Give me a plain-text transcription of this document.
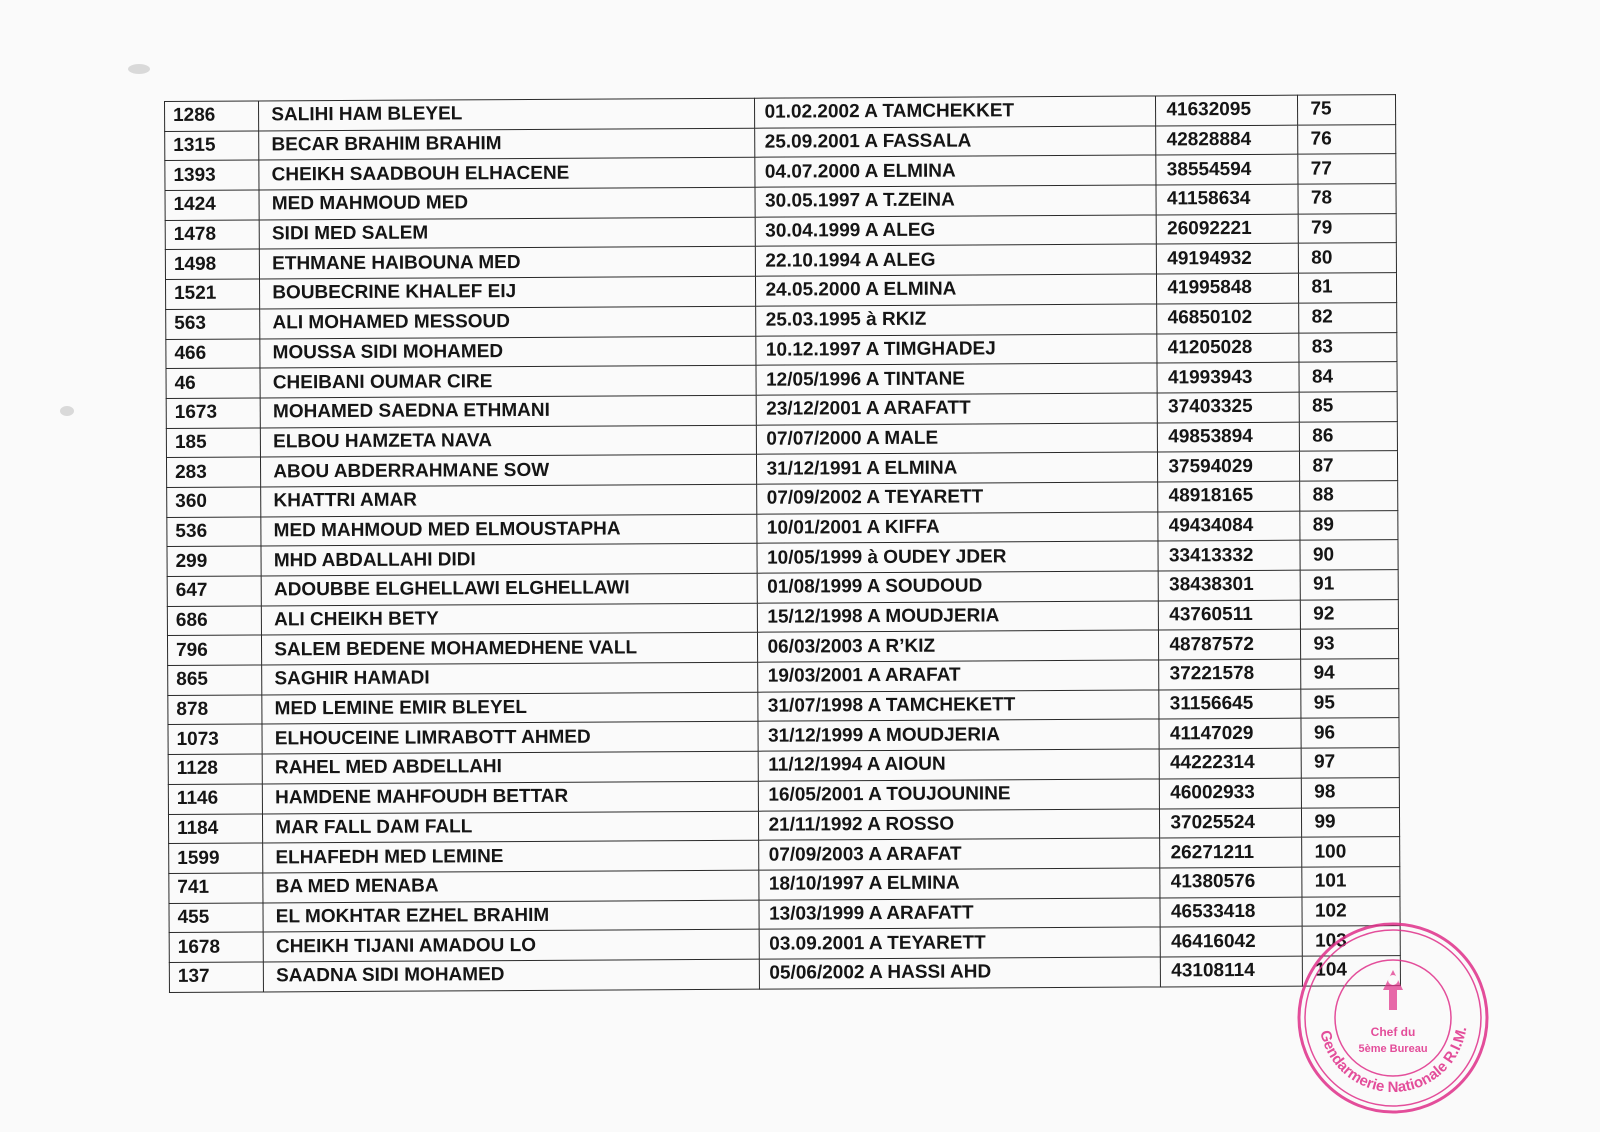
1286	SALIHI HAM BLEYEL	01.02.2002 A TAMCHEKKET	41632095	75
1315	BECAR BRAHIM BRAHIM	25.09.2001 A FASSALA	42828884	76
1393	CHEIKH SAADBOUH ELHACENE	04.07.2000 A ELMINA	38554594	77
1424	MED MAHMOUD MED	30.05.1997 A T.ZEINA	41158634	78
1478	SIDI MED SALEM	30.04.1999 A ALEG	26092221	79
1498	ETHMANE HAIBOUNA MED	22.10.1994 A ALEG	49194932	80
1521	BOUBECRINE KHALEF EIJ	24.05.2000 A ELMINA	41995848	81
563	ALI MOHAMED MESSOUD	25.03.1995 à RKIZ	46850102	82
466	MOUSSA SIDI MOHAMED	10.12.1997 A TIMGHADEJ	41205028	83
46	CHEIBANI OUMAR CIRE	12/05/1996 A TINTANE	41993943	84
1673	MOHAMED SAEDNA ETHMANI	23/12/2001 A ARAFATT	37403325	85
185	ELBOU HAMZETA NAVA	07/07/2000 A MALE	49853894	86
283	ABOU ABDERRAHMANE SOW	31/12/1991 A ELMINA	37594029	87
360	KHATTRI AMAR	07/09/2002 A TEYARETT	48918165	88
536	MED MAHMOUD MED ELMOUSTAPHA	10/01/2001 A KIFFA	49434084	89
299	MHD ABDALLAHI DIDI	10/05/1999 à OUDEY JDER	33413332	90
647	ADOUBBE ELGHELLAWI ELGHELLAWI	01/08/1999 A SOUDOUD	38438301	91
686	ALI CHEIKH BETY	15/12/1998 A MOUDJERIA	43760511	92
796	SALEM BEDENE MOHAMEDHENE VALL	06/03/2003 A R’KIZ	48787572	93
865	SAGHIR HAMADI	19/03/2001 A ARAFAT	37221578	94
878	MED LEMINE EMIR BLEYEL	31/07/1998 A TAMCHEKETT	31156645	95
1073	ELHOUCEINE LIMRABOTT AHMED	31/12/1999 A MOUDJERIA	41147029	96
1128	RAHEL MED ABDELLAHI	11/12/1994 A AIOUN	44222314	97
1146	HAMDENE MAHFOUDH BETTAR	16/05/2001 A TOUJOUNINE	46002933	98
1184	MAR FALL DAM FALL	21/11/1992 A ROSSO	37025524	99
1599	ELHAFEDH MED LEMINE	07/09/2003 A ARAFAT	26271211	100
741	BA MED MENABA	18/10/1997 A ELMINA	41380576	101
455	EL MOKHTAR EZHEL BRAHIM	13/03/1999 A ARAFATT	46533418	102
1678	CHEIKH TIJANI AMADOU LO	03.09.2001 A TEYARETT	46416042	103
137	SAADNA SIDI MOHAMED	05/06/2002 A HASSI AHD	43108114	104
Gendarmerie Nationale R.I.M.
Chef du
5ème Bureau
